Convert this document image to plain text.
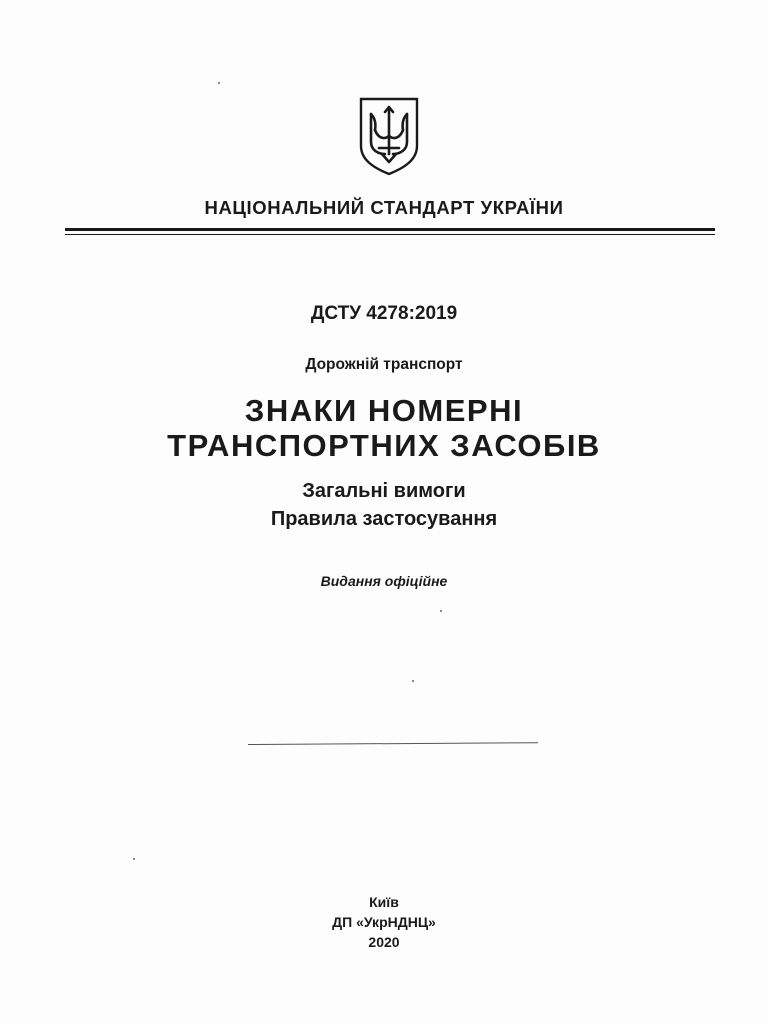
НАЦІОНАЛЬНИЙ СТАНДАРТ УКРАЇНИ

ДСТУ 4278:2019

Дорожній транспорт

ЗНАКИ НОМЕРНІ

ТРАНСПОРТНИХ ЗАСОБІВ

Загальні вимоги

Правила застосування

Видання офіційне

Київ

ДП «УкрНДНЦ»

2020
